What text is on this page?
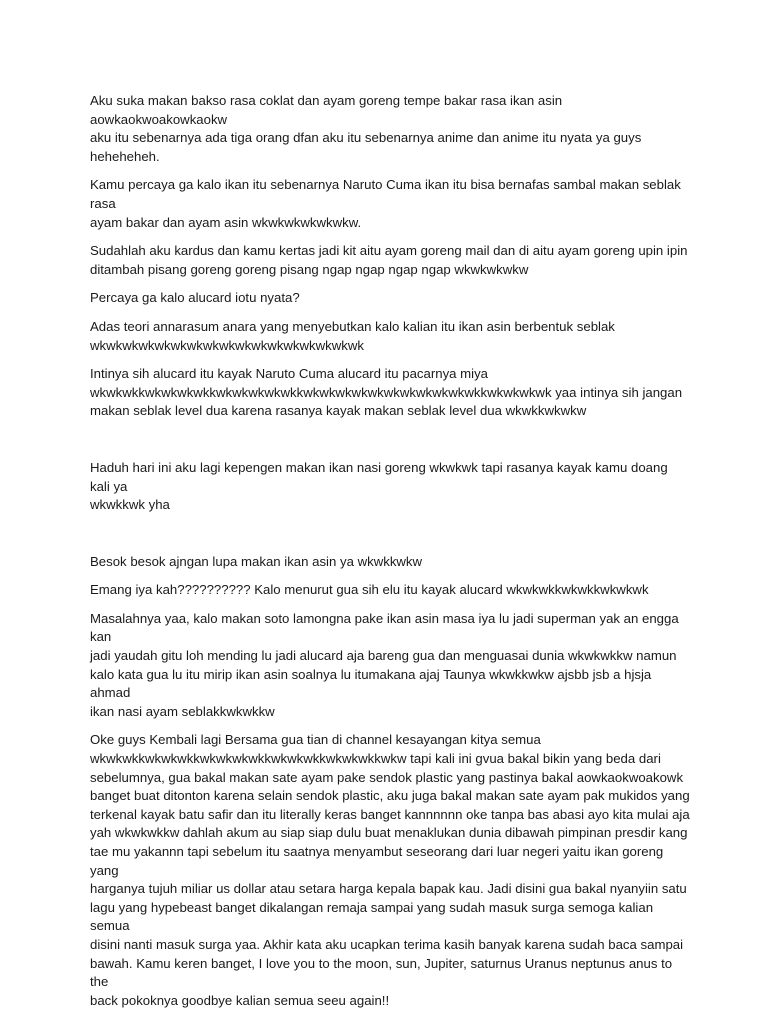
Aku suka makan bakso rasa coklat dan ayam goreng tempe bakar rasa ikan asin aowkaokwoakowkaokw
aku itu sebenarnya ada tiga orang dfan aku itu sebenarnya anime dan anime itu nyata ya guys
heheheheh.

Kamu percaya ga kalo ikan itu sebenarnya Naruto Cuma ikan itu bisa bernafas sambal makan seblak rasa
ayam bakar dan ayam asin wkwkwkwkwkwkw.

Sudahlah aku kardus dan kamu kertas jadi kit aitu ayam goreng mail dan di aitu ayam goreng upin ipin
ditambah pisang goreng goreng pisang ngap ngap ngap ngap wkwkwkwkw

Percaya ga kalo alucard iotu nyata?

Adas teori annarasum anara yang menyebutkan kalo kalian itu ikan asin berbentuk seblak
wkwkwkwkwkwkwkwkwkwkwkwkwkwkwkwkwk

Intinya sih alucard itu kayak Naruto Cuma alucard itu pacarnya miya
wkwkwkkwkwkwkwkkwkwkwkwkwkkwkwkwkwkwkwkwkwkwkwkwkkwkwkwkwk yaa intinya sih jangan
makan seblak level dua karena rasanya kayak makan seblak level dua wkwkkwkwkw

Haduh hari ini aku lagi kepengen makan ikan nasi goreng wkwkwk tapi rasanya kayak kamu doang kali ya
wkwkkwk yha

Besok besok ajngan lupa makan ikan asin ya wkwkkwkw

Emang iya kah?????????? Kalo menurut gua sih elu itu kayak alucard wkwkwkkwkwkkwkwkwk

Masalahnya yaa, kalo makan soto lamongna pake ikan asin masa iya lu jadi superman yak an engga kan
jadi yaudah gitu loh mending lu jadi alucard aja bareng gua dan menguasai dunia wkwkwkkw namun
kalo kata gua lu itu mirip ikan asin soalnya lu itumakana ajaj Taunya wkwkkwkw ajsbb jsb a hjsja ahmad
ikan nasi ayam seblakkwkwkkw

Oke guys Kembali lagi Bersama gua tian di channel kesayangan kitya semua
wkwkwkkwkwkwkkwkwkwkwkkwkwkwkkwkwkwkkwkw tapi kali ini gvua bakal bikin yang beda dari
sebelumnya, gua bakal makan sate ayam pake sendok plastic yang pastinya bakal aowkaokwoakowk
banget buat ditonton karena selain sendok plastic, aku juga bakal makan sate ayam pak mukidos yang
terkenal kayak batu safir dan itu literally keras banget kannnnnn oke tanpa bas abasi ayo kita mulai aja
yah wkwkwkkw dahlah akum au siap siap dulu buat menaklukan dunia dibawah pimpinan presdir kang
tae mu yakannn tapi sebelum itu saatnya menyambut seseorang dari luar negeri yaitu ikan goreng yang
harganya tujuh miliar us dollar atau setara harga kepala bapak kau. Jadi disini gua bakal nyanyiin satu
lagu yang hypebeast banget dikalangan remaja sampai yang sudah masuk surga semoga kalian semua
disini nanti masuk surga yaa. Akhir kata aku ucapkan terima kasih banyak karena sudah baca sampai
bawah. Kamu keren banget, I love you to the moon, sun, Jupiter, saturnus Uranus neptunus anus to the
back pokoknya goodbye kalian semua seeu again!!
